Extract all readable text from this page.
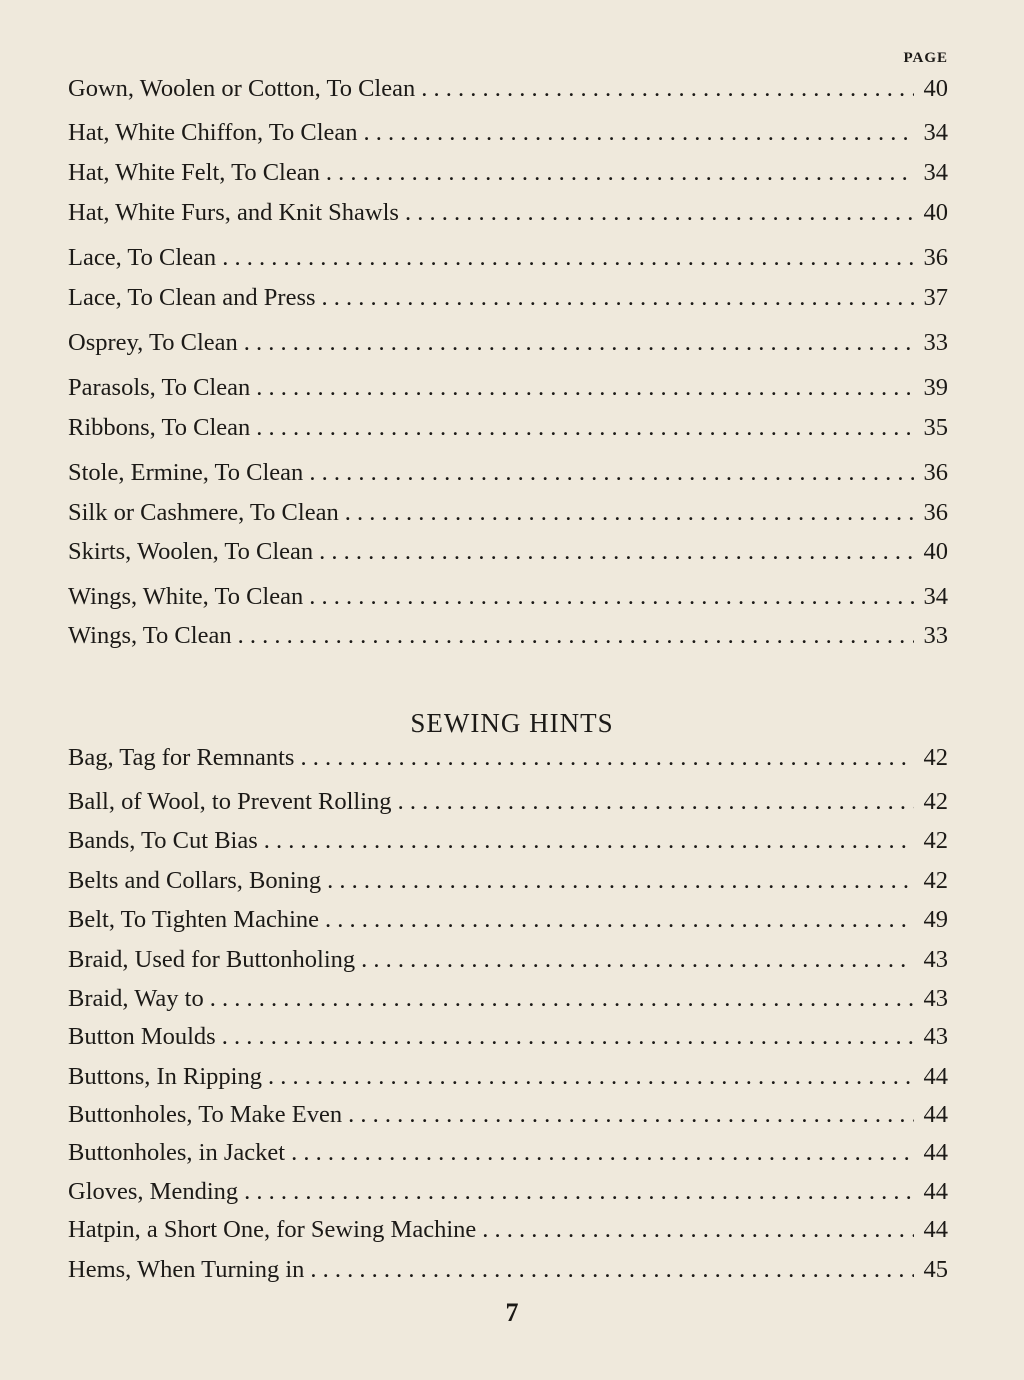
PAGE
Gown, Woolen or Cotton, To Clean . . .	40
Hat, White Chiffon, To Clean . . .	34
Hat, White Felt, To Clean . . .	34
Hat, White Furs, and Knit Shawls . . .	40
Lace, To Clean . . .	36
Lace, To Clean and Press . . .	37
Osprey, To Clean . . .	33
Parasols, To Clean . . .	39
Ribbons, To Clean . . .	35
Stole, Ermine, To Clean . . .	36
Silk or Cashmere, To Clean . . .	36
Skirts, Woolen, To Clean . . .	40
Wings, White, To Clean . . .	34
Wings, To Clean . . .	33
SEWING HINTS
Bag, Tag for Remnants . . .	42
Ball, of Wool, to Prevent Rolling . . .	42
Bands, To Cut Bias . . .	42
Belts and Collars, Boning . . .	42
Belt, To Tighten Machine . . .	49
Braid, Used for Buttonholing . . .	43
Braid, Way to . . .	43
Button Moulds . . .	43
Buttons, In Ripping . . .	44
Buttonholes, To Make Even . . .	44
Buttonholes, in Jacket . . .	44
Gloves, Mending . . .	44
Hatpin, a Short One, for Sewing Machine . . .	44
Hems, When Turning in . . .	45
7
